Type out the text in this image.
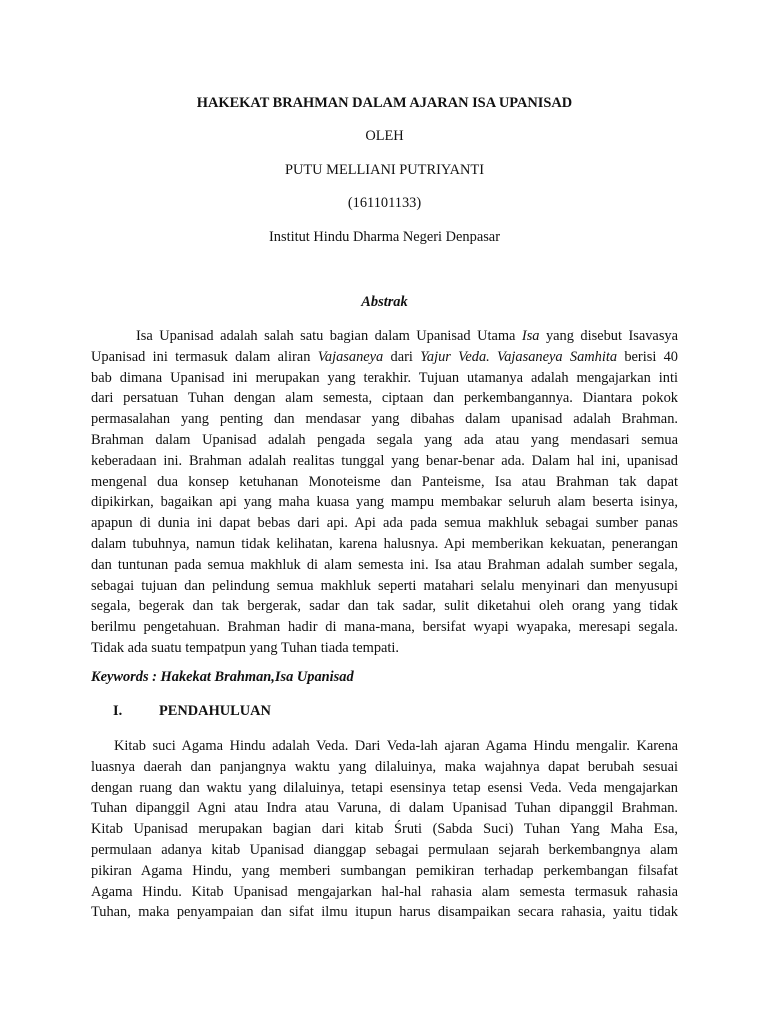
HAKEKAT BRAHMAN DALAM AJARAN ISA UPANISAD
OLEH
PUTU MELLIANI PUTRIYANTI
(161101133)
Institut Hindu Dharma Negeri Denpasar
Abstrak
Isa Upanisad adalah salah satu bagian dalam Upanisad Utama Isa yang disebut Isavasya
Upanisad ini termasuk dalam aliran Vajasaneya dari Yajur Veda. Vajasaneya Samhita berisi 40
bab dimana Upanisad ini merupakan yang terakhir. Tujuan utamanya adalah mengajarkan inti
dari persatuan Tuhan dengan alam semesta, ciptaan dan perkembangannya. Diantara pokok
permasalahan yang penting dan mendasar yang dibahas dalam upanisad adalah Brahman.
Brahman dalam Upanisad adalah pengada segala yang ada atau yang mendasari semua
keberadaan ini. Brahman adalah realitas tunggal yang benar-benar ada. Dalam hal ini, upanisad
mengenal dua konsep ketuhanan Monoteisme dan Panteisme, Isa atau Brahman tak dapat
dipikirkan, bagaikan api yang maha kuasa yang mampu membakar seluruh alam beserta isinya,
apapun di dunia ini dapat bebas dari api. Api ada pada semua makhluk sebagai sumber panas
dalam tubuhnya, namun tidak kelihatan, karena halusnya. Api memberikan kekuatan, penerangan
dan tuntunan pada semua makhluk di alam semesta ini. Isa atau Brahman adalah sumber segala,
sebagai tujuan dan pelindung semua makhluk seperti matahari selalu menyinari dan menyusupi
segala, begerak dan tak bergerak, sadar dan tak sadar, sulit diketahui oleh orang yang tidak
berilmu pengetahuan. Brahman hadir di mana-mana, bersifat wyapi wyapaka, meresapi segala.
Tidak ada suatu tempatpun yang Tuhan tiada tempati.
Keywords : Hakekat Brahman,Isa Upanisad
I.	PENDAHULUAN
Kitab suci Agama Hindu adalah Veda. Dari Veda-lah ajaran Agama Hindu mengalir. Karena
luasnya daerah dan panjangnya waktu yang dilaluinya, maka wajahnya dapat berubah sesuai
dengan ruang dan waktu yang dilaluinya, tetapi esensinya tetap esensi Veda. Veda mengajarkan
Tuhan dipanggil Agni atau Indra atau Varuna, di dalam Upanisad Tuhan dipanggil Brahman.
Kitab Upanisad merupakan bagian dari kitab Śruti (Sabda Suci) Tuhan Yang Maha Esa,
permulaan adanya kitab Upanisad dianggap sebagai permulaan sejarah berkembangnya alam
pikiran Agama Hindu, yang memberi sumbangan pemikiran terhadap perkembangan filsafat
Agama Hindu. Kitab Upanisad mengajarkan hal-hal rahasia alam semesta termasuk rahasia
Tuhan, maka penyampaian dan sifat ilmu itupun harus disampaikan secara rahasia, yaitu tidak
